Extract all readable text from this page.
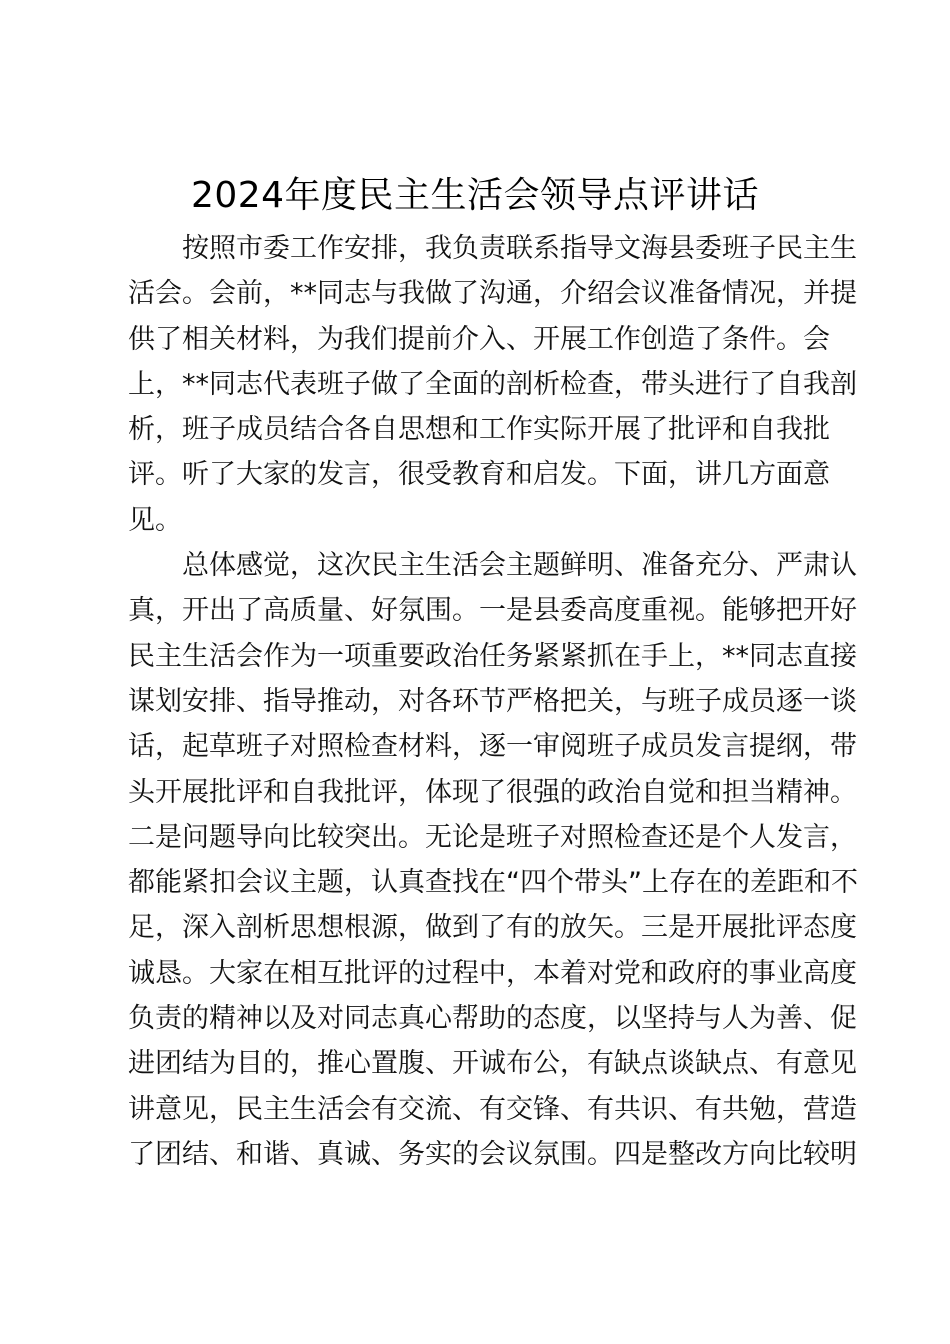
2024年度民主生活会领导点评讲话
按照市委工作安排，我负责联系指导文海县委班子民主生
活会。会前，**同志与我做了沟通，介绍会议准备情况，并提
供了相关材料，为我们提前介入、开展工作创造了条件。会
上，**同志代表班子做了全面的剖析检查，带头进行了自我剖
析，班子成员结合各自思想和工作实际开展了批评和自我批
评。听了大家的发言，很受教育和启发。下面，讲几方面意
见。
总体感觉，这次民主生活会主题鲜明、准备充分、严肃认
真，开出了高质量、好氛围。一是县委高度重视。能够把开好
民主生活会作为一项重要政治任务紧紧抓在手上，**同志直接
谋划安排、指导推动，对各环节严格把关，与班子成员逐一谈
话，起草班子对照检查材料，逐一审阅班子成员发言提纲，带
头开展批评和自我批评，体现了很强的政治自觉和担当精神。
二是问题导向比较突出。无论是班子对照检查还是个人发言，
都能紧扣会议主题，认真查找在“四个带头”上存在的差距和不
足，深入剖析思想根源，做到了有的放矢。三是开展批评态度
诚恳。大家在相互批评的过程中，本着对党和政府的事业高度
负责的精神以及对同志真心帮助的态度，以坚持与人为善、促
进团结为目的，推心置腹、开诚布公，有缺点谈缺点、有意见
讲意见，民主生活会有交流、有交锋、有共识、有共勉，营造
了团结、和谐、真诚、务实的会议氛围。四是整改方向比较明
